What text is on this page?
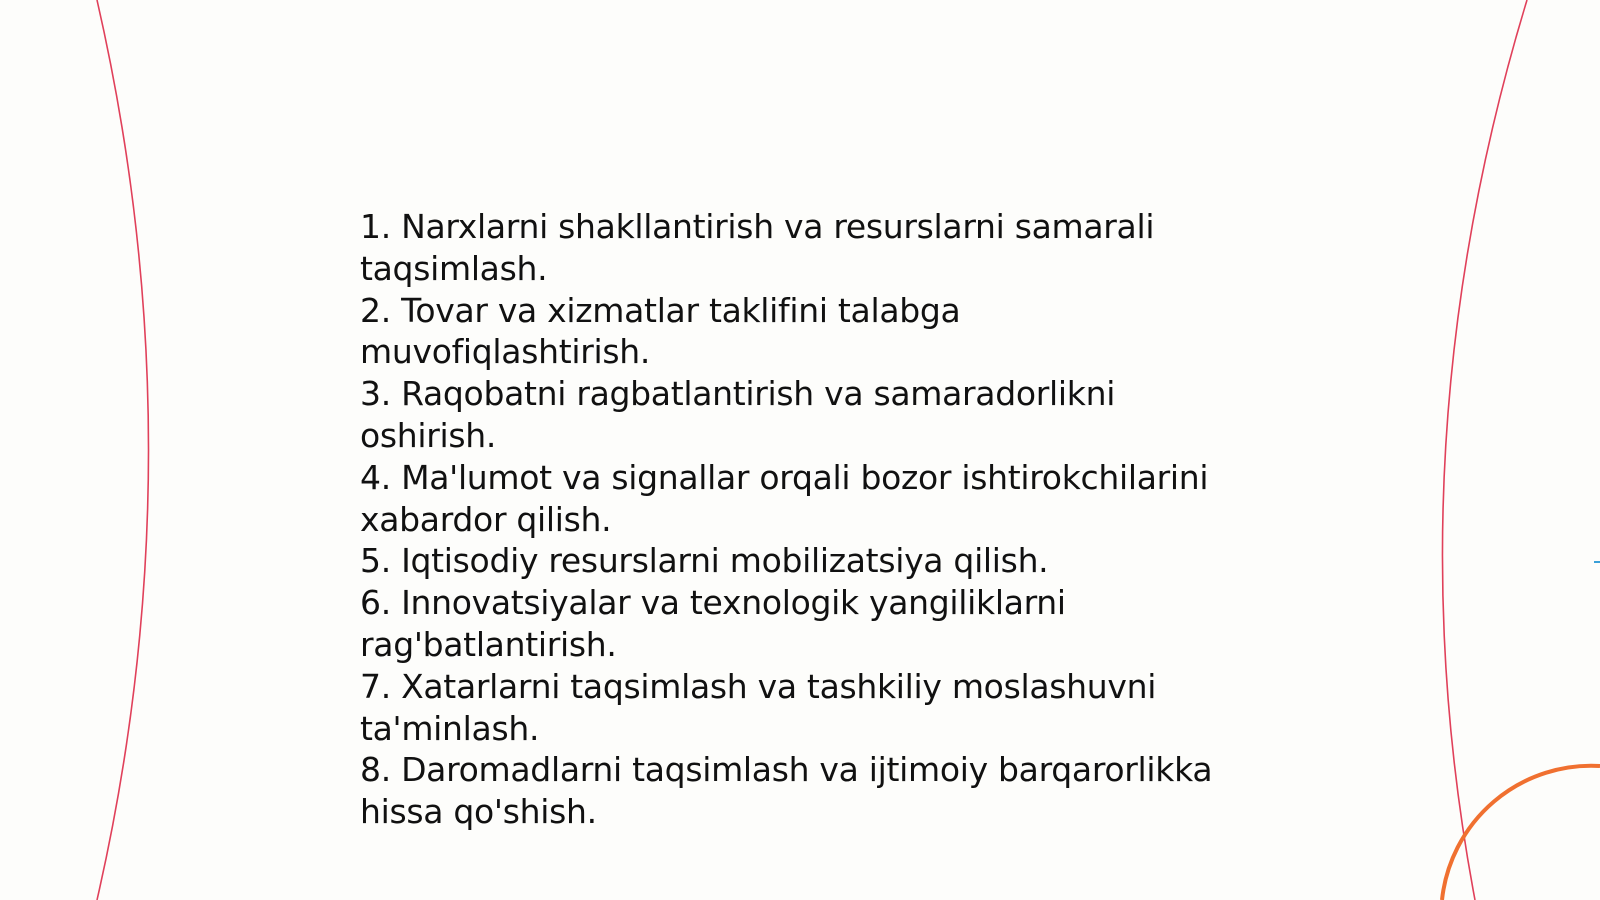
1. Narxlarni shakllantirish va resurslarni samarali taqsimlash.

2. Tovar va xizmatlar taklifini talabga muvofiqlashtirish.

3. Raqobatni ragbatlantirish va samaradorlikni oshirish.

4. Ma'lumot va signallar orqali bozor ishtirokchilarini xabardor qilish.

5. Iqtisodiy resurslarni mobilizatsiya qilish.

6. Innovatsiyalar va texnologik yangiliklarni rag'batlantirish.

7. Xatarlarni taqsimlash va tashkiliy moslashuvni ta'minlash.

8. Daromadlarni taqsimlash va ijtimoiy barqarorlikka hissa qo'shish.
